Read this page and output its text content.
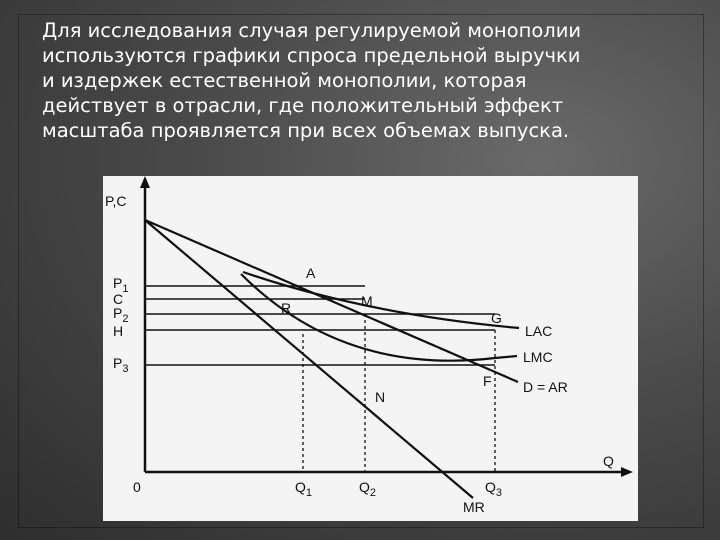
Для исследования случая регулируемой монополии
используются графики спроса предельной выручки
и издержек естественной монополии, которая
действует в отрасли, где положительный эффект
масштаба проявляется при всех объемах выпуска.
P,C
Q
0
$P_1$
C
$P_2$
H
$P_3$
$Q_1$	$Q_2$	$Q_3$
A
R	M
G
F
N
LAC
LMC
D = AR
MR
